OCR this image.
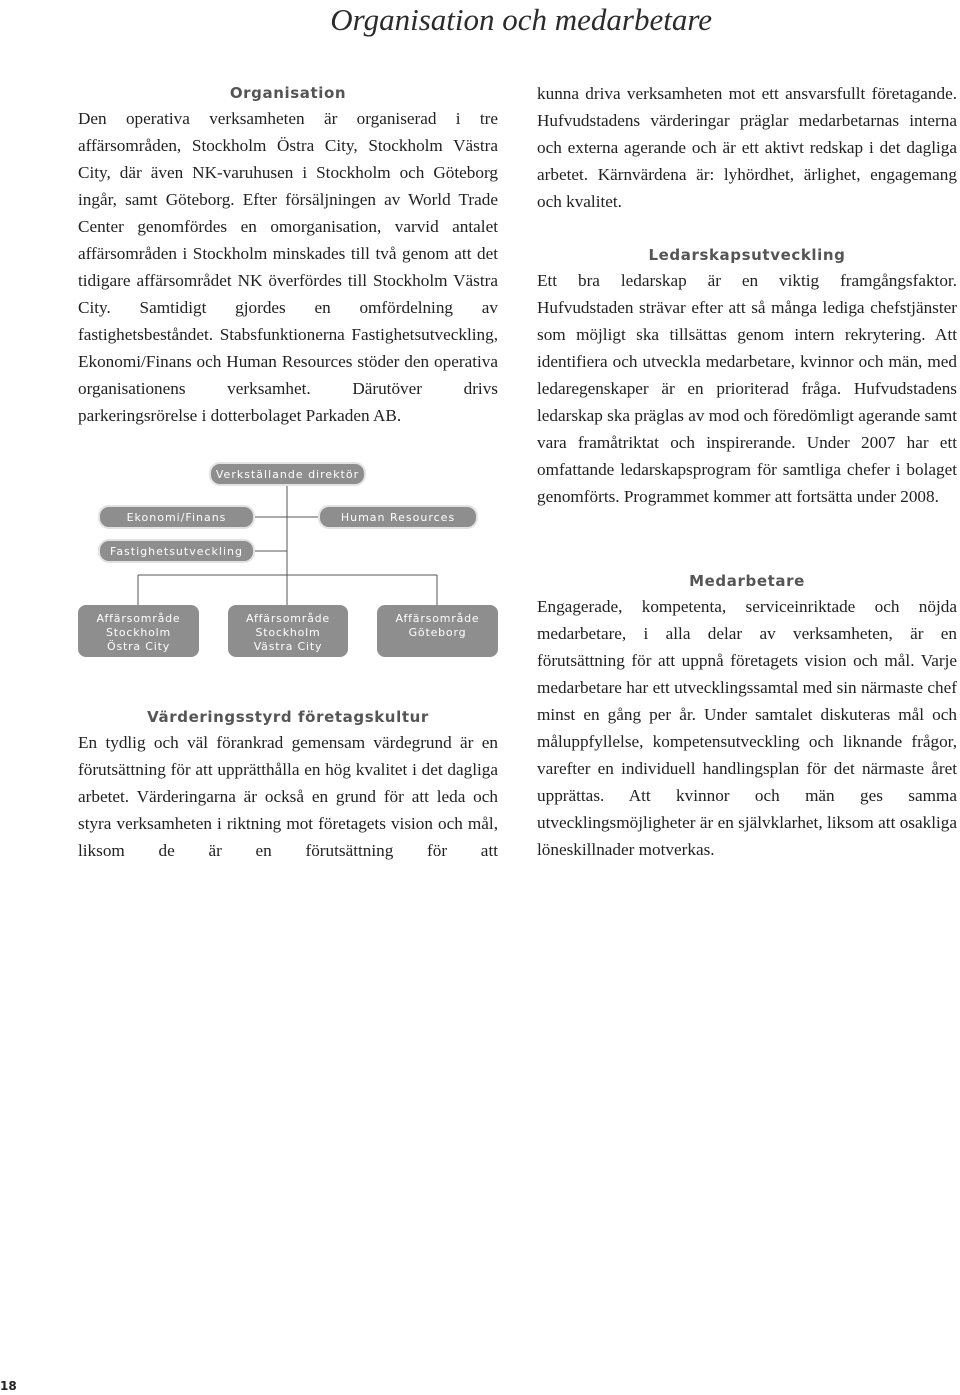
Organisation och medarbetare
Organisation

Den operativa verksamheten är organiserad i tre affärsområden, Stockholm Östra City, Stockholm Västra City, där även NK-varuhusen i Stockholm och Göteborg ingår, samt Göteborg. Efter försäljningen av World Trade Center genomfördes en omorganisation, varvid antalet affärsområden i Stockholm minskades till två genom att det tidigare affärsområdet NK överfördes till Stockholm Västra City. Samtidigt gjordes en omfördelning av fastighetsbeståndet. Stabsfunktionerna Fastighetsutveckling, Ekonomi/Finans och Human Resources stöder den operativa organisationens verksamhet. Därutöver drivs parkeringsrörelse i dotterbolaget Parkaden AB.

Verkställande direktör
Ekonomi/Finans	Human Resources
Fastighetsutveckling
Affärsområde
Stockholm
Östra City
Affärsområde
Stockholm
Västra City
Affärsområde
Göteborg
Värderingsstyrd företagskultur

En tydlig och väl förankrad gemensam värdegrund är en förutsättning för att upprätthålla en hög kvalitet i det dagliga arbetet. Värderingarna är också en grund för att leda och styra verksamheten i riktning mot företagets vision och mål, liksom de är en förutsättning för att

kunna driva verksamheten mot ett ansvarsfullt företagande. Hufvudstadens värderingar präglar medarbetarnas interna och externa agerande och är ett aktivt redskap i det dagliga arbetet. Kärnvärdena är: lyhördhet, ärlighet, engagemang och kvalitet.

Ledarskapsutveckling

Ett bra ledarskap är en viktig framgångsfaktor. Hufvudstaden strävar efter att så många lediga chefstjänster som möjligt ska tillsättas genom intern rekrytering. Att identifiera och utveckla medarbetare, kvinnor och män, med ledaregenskaper är en prioriterad fråga. Hufvudstadens ledarskap ska präglas av mod och föredömligt agerande samt vara framåtriktat och inspirerande. Under 2007 har ett omfattande ledarskapsprogram för samtliga chefer i bolaget genomförts. Programmet kommer att fortsätta under 2008.

Medarbetare

Engagerade, kompetenta, serviceinriktade och nöjda medarbetare, i alla delar av verksamheten, är en förutsättning för att uppnå företagets vision och mål. Varje medarbetare har ett utvecklingssamtal med sin närmaste chef minst en gång per år. Under samtalet diskuteras mål och måluppfyllelse, kompetensutveckling och liknande frågor, varefter en individuell handlingsplan för det närmaste året upprättas. Att kvinnor och män ges samma utvecklingsmöjligheter är en självklarhet, liksom att osakliga löneskillnader motverkas.

18
